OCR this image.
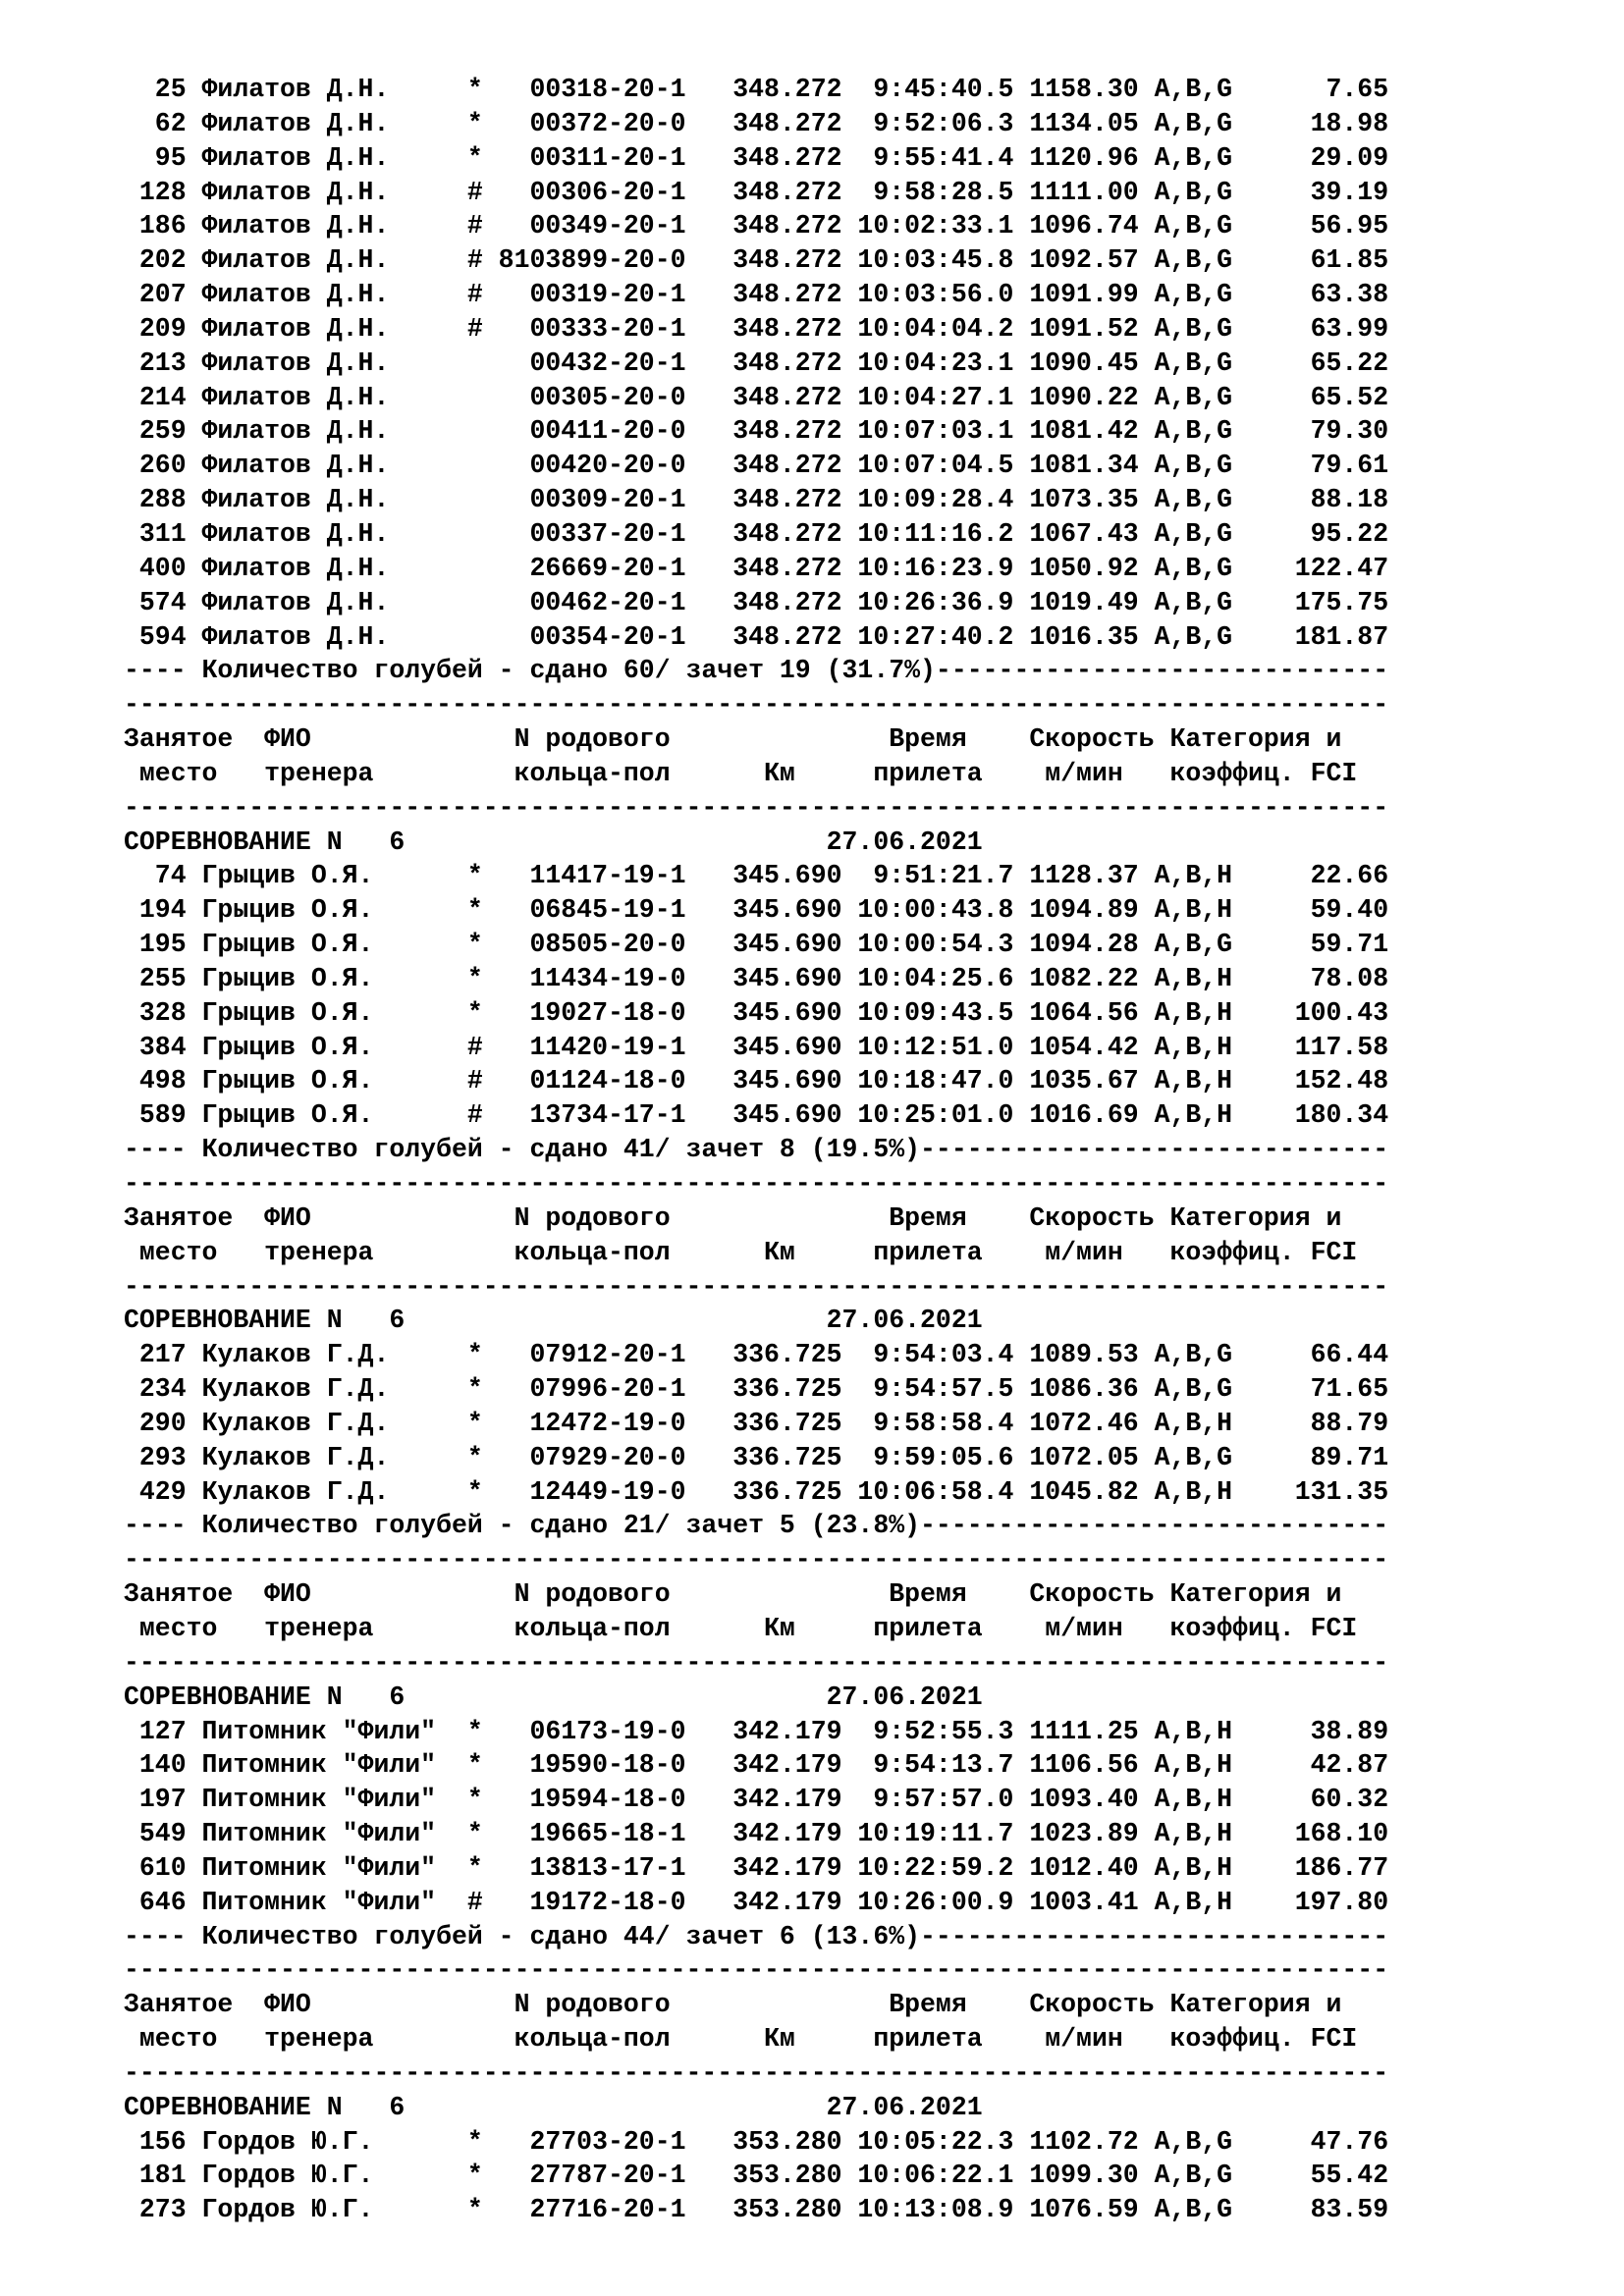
25 Филатов Д.Н.     *   00318-20-1   348.272  9:45:40.5 1158.30 A,B,G      7.65
62 Филатов Д.Н.     *   00372-20-0   348.272  9:52:06.3 1134.05 A,B,G     18.98
95 Филатов Д.Н.     *   00311-20-1   348.272  9:55:41.4 1120.96 A,B,G     29.09
128 Филатов Д.Н.     #   00306-20-1   348.272  9:58:28.5 1111.00 A,B,G     39.19
186 Филатов Д.Н.     #   00349-20-1   348.272 10:02:33.1 1096.74 A,B,G     56.95
202 Филатов Д.Н.     # 8103899-20-0   348.272 10:03:45.8 1092.57 A,B,G     61.85
207 Филатов Д.Н.     #   00319-20-1   348.272 10:03:56.0 1091.99 A,B,G     63.38
209 Филатов Д.Н.     #   00333-20-1   348.272 10:04:04.2 1091.52 A,B,G     63.99
213 Филатов Д.Н.         00432-20-1   348.272 10:04:23.1 1090.45 A,B,G     65.22
214 Филатов Д.Н.         00305-20-0   348.272 10:04:27.1 1090.22 A,B,G     65.52
259 Филатов Д.Н.         00411-20-0   348.272 10:07:03.1 1081.42 A,B,G     79.30
260 Филатов Д.Н.         00420-20-0   348.272 10:07:04.5 1081.34 A,B,G     79.61
288 Филатов Д.Н.         00309-20-1   348.272 10:09:28.4 1073.35 A,B,G     88.18
311 Филатов Д.Н.         00337-20-1   348.272 10:11:16.2 1067.43 A,B,G     95.22
400 Филатов Д.Н.         26669-20-1   348.272 10:16:23.9 1050.92 A,B,G    122.47
574 Филатов Д.Н.         00462-20-1   348.272 10:26:36.9 1019.49 A,B,G    175.75
594 Филатов Д.Н.         00354-20-1   348.272 10:27:40.2 1016.35 A,B,G    181.87
---- Количество голубей - сдано 60/ зачет 19 (31.7%)-----------------------------
---------------------------------------------------------------------------------
Занятое  ФИО             N родового              Время    Скорость Категория и
место   тренера         кольца-пол      Км     прилета    м/мин   коэффиц. FCI
---------------------------------------------------------------------------------
СОРЕВНОВАНИЕ N   6                           27.06.2021
74 Грыцив О.Я.      *   11417-19-1   345.690  9:51:21.7 1128.37 A,B,H     22.66
194 Грыцив О.Я.      *   06845-19-1   345.690 10:00:43.8 1094.89 A,B,H     59.40
195 Грыцив О.Я.      *   08505-20-0   345.690 10:00:54.3 1094.28 A,B,G     59.71
255 Грыцив О.Я.      *   11434-19-0   345.690 10:04:25.6 1082.22 A,B,H     78.08
328 Грыцив О.Я.      *   19027-18-0   345.690 10:09:43.5 1064.56 A,B,H    100.43
384 Грыцив О.Я.      #   11420-19-1   345.690 10:12:51.0 1054.42 A,B,H    117.58
498 Грыцив О.Я.      #   01124-18-0   345.690 10:18:47.0 1035.67 A,B,H    152.48
589 Грыцив О.Я.      #   13734-17-1   345.690 10:25:01.0 1016.69 A,B,H    180.34
---- Количество голубей - сдано 41/ зачет 8 (19.5%)------------------------------
---------------------------------------------------------------------------------
Занятое  ФИО             N родового              Время    Скорость Категория и
место   тренера         кольца-пол      Км     прилета    м/мин   коэффиц. FCI
---------------------------------------------------------------------------------
СОРЕВНОВАНИЕ N   6                           27.06.2021
217 Кулаков Г.Д.     *   07912-20-1   336.725  9:54:03.4 1089.53 A,B,G     66.44
234 Кулаков Г.Д.     *   07996-20-1   336.725  9:54:57.5 1086.36 A,B,G     71.65
290 Кулаков Г.Д.     *   12472-19-0   336.725  9:58:58.4 1072.46 A,B,H     88.79
293 Кулаков Г.Д.     *   07929-20-0   336.725  9:59:05.6 1072.05 A,B,G     89.71
429 Кулаков Г.Д.     *   12449-19-0   336.725 10:06:58.4 1045.82 A,B,H    131.35
---- Количество голубей - сдано 21/ зачет 5 (23.8%)------------------------------
---------------------------------------------------------------------------------
Занятое  ФИО             N родового              Время    Скорость Категория и
место   тренера         кольца-пол      Км     прилета    м/мин   коэффиц. FCI
---------------------------------------------------------------------------------
СОРЕВНОВАНИЕ N   6                           27.06.2021
127 Питомник "Фили"  *   06173-19-0   342.179  9:52:55.3 1111.25 A,B,H     38.89
140 Питомник "Фили"  *   19590-18-0   342.179  9:54:13.7 1106.56 A,B,H     42.87
197 Питомник "Фили"  *   19594-18-0   342.179  9:57:57.0 1093.40 A,B,H     60.32
549 Питомник "Фили"  *   19665-18-1   342.179 10:19:11.7 1023.89 A,B,H    168.10
610 Питомник "Фили"  *   13813-17-1   342.179 10:22:59.2 1012.40 A,B,H    186.77
646 Питомник "Фили"  #   19172-18-0   342.179 10:26:00.9 1003.41 A,B,H    197.80
---- Количество голубей - сдано 44/ зачет 6 (13.6%)------------------------------
---------------------------------------------------------------------------------
Занятое  ФИО             N родового              Время    Скорость Категория и
место   тренера         кольца-пол      Км     прилета    м/мин   коэффиц. FCI
---------------------------------------------------------------------------------
СОРЕВНОВАНИЕ N   6                           27.06.2021
156 Гордов Ю.Г.      *   27703-20-1   353.280 10:05:22.3 1102.72 A,B,G     47.76
181 Гордов Ю.Г.      *   27787-20-1   353.280 10:06:22.1 1099.30 A,B,G     55.42
273 Гордов Ю.Г.      *   27716-20-1   353.280 10:13:08.9 1076.59 A,B,G     83.59
